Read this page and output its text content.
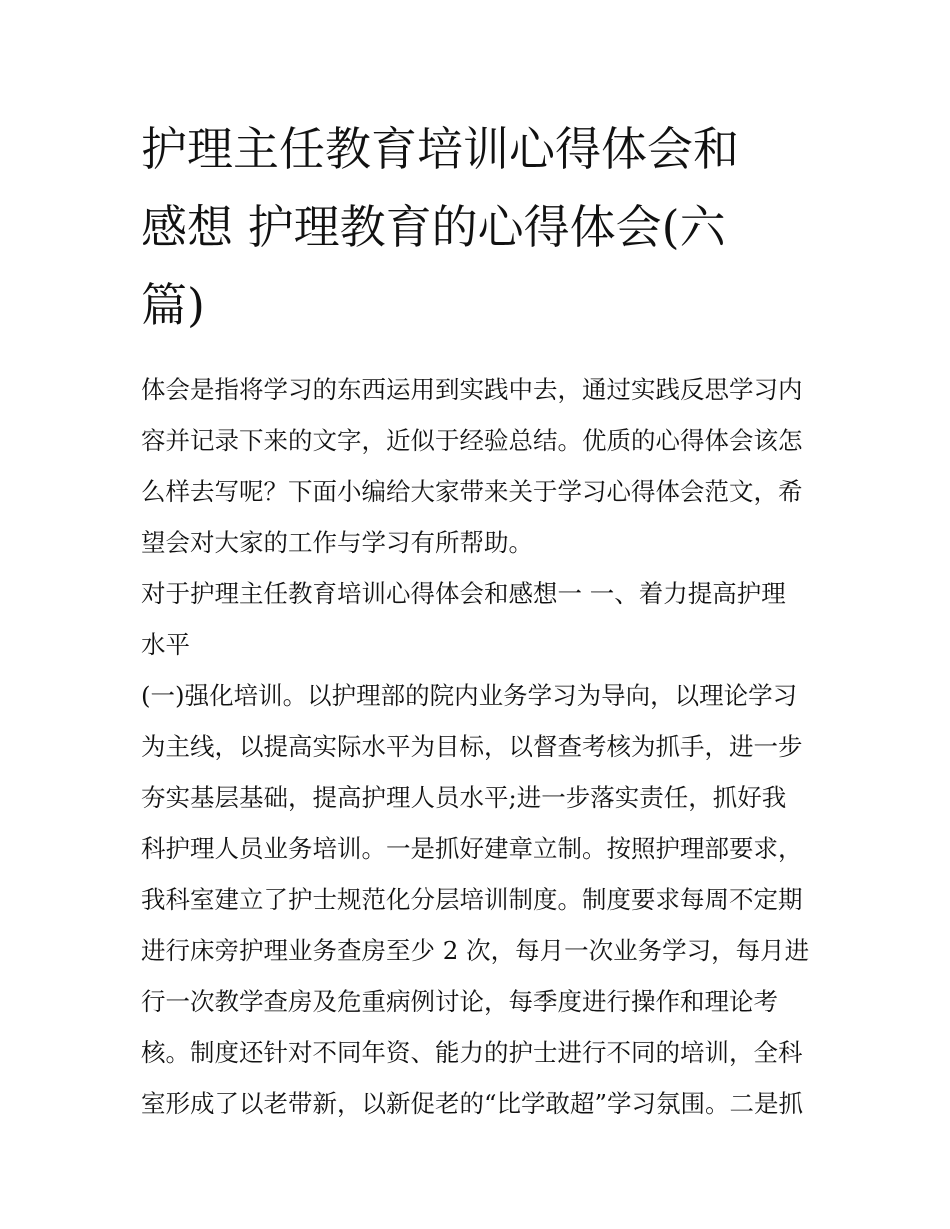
护理主任教育培训心得体会和
感想 护理教育的心得体会(六
篇)
体会是指将学习的东西运用到实践中去，通过实践反思学习内
容并记录下来的文字，近似于经验总结。优质的心得体会该怎
么样去写呢？下面小编给大家带来关于学习心得体会范文，希
望会对大家的工作与学习有所帮助。
对于护理主任教育培训心得体会和感想一 一、着力提高护理
水平
(一)强化培训。以护理部的院内业务学习为导向，以理论学习
为主线，以提高实际水平为目标，以督查考核为抓手，进一步
夯实基层基础，提高护理人员水平;进一步落实责任，抓好我
科护理人员业务培训。一是抓好建章立制。按照护理部要求，
我科室建立了护士规范化分层培训制度。制度要求每周不定期
进行床旁护理业务查房至少 2 次，每月一次业务学习，每月进
行一次教学查房及危重病例讨论，每季度进行操作和理论考
核。制度还针对不同年资、能力的护士进行不同的培训，全科
室形成了以老带新，以新促老的“比学敢超”学习氛围。二是抓
